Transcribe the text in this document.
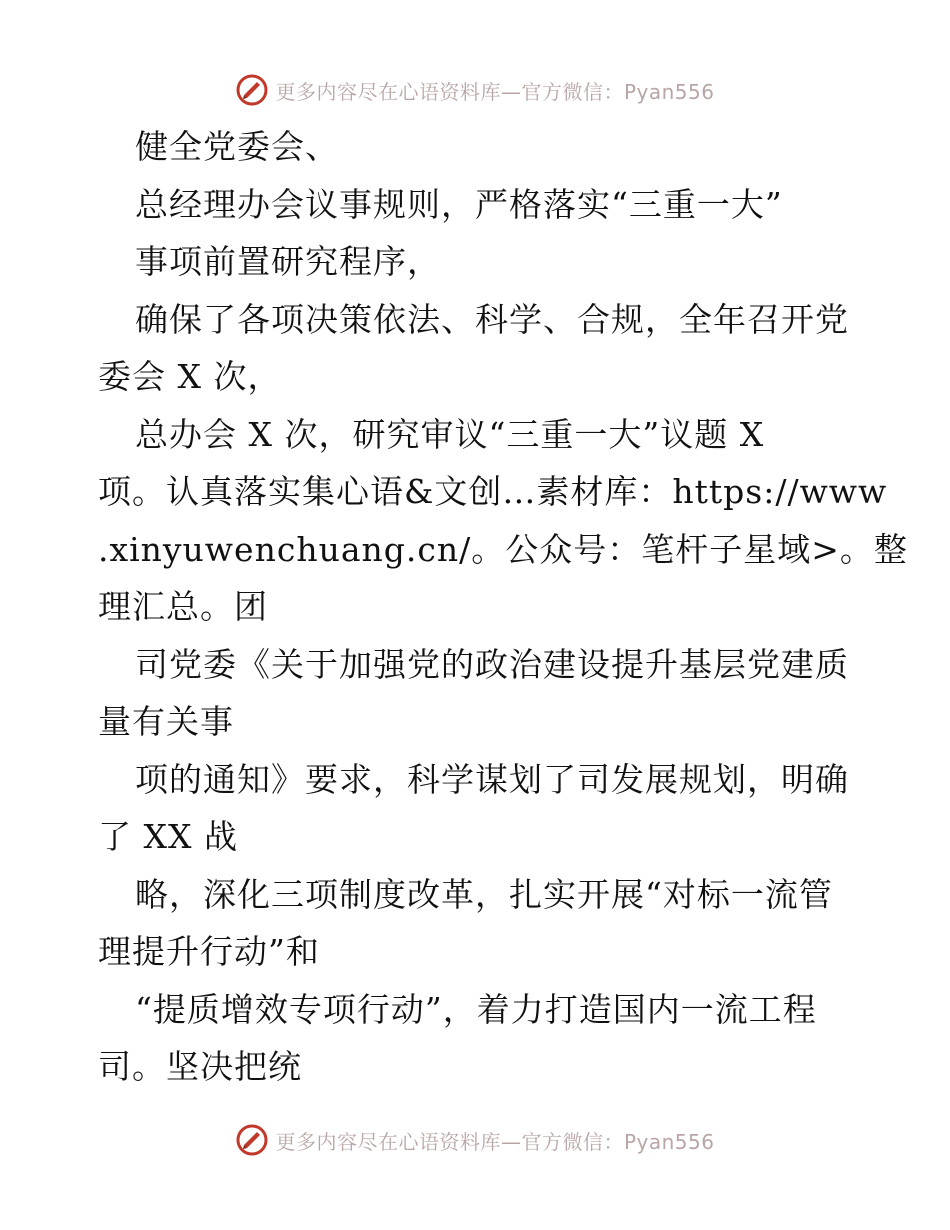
更多内容尽在心语资料库—官方微信：Pyan556
健全党委会、
总经理办会议事规则，严格落实“三重一大”
事项前置研究程序，
确保了各项决策依法、科学、合规，全年召开党
委会 X 次，
总办会 X 次，研究审议“三重一大”议题 X
项。认真落实集心语&文创…素材库：https://www
.xinyuwenchuang.cn/。公众号：笔杆子星域>。整
理汇总。团
司党委《关于加强党的政治建设提升基层党建质
量有关事
项的通知》要求，科学谋划了司发展规划，明确
了 XX 战
略，深化三项制度改革，扎实开展“对标一流管
理提升行动”和
“提质增效专项行动”，着力打造国内一流工程
司。坚决把统
更多内容尽在心语资料库—官方微信：Pyan556
